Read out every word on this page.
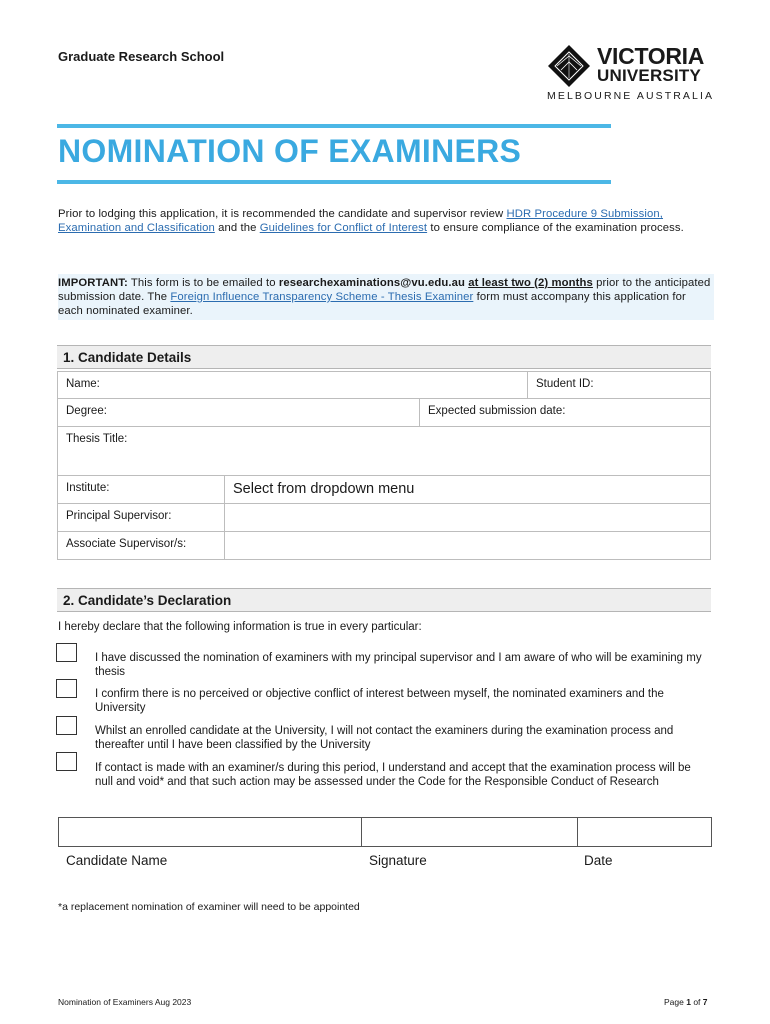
Graduate Research School	VICTORIA
UNIVERSITY
MELBOURNE AUSTRALIA
NOMINATION OF EXAMINERS
Prior to lodging this application, it is recommended the candidate and supervisor review HDR Procedure 9 Submission, Examination and Classification and the Guidelines for Conflict of Interest to ensure compliance of the examination process.
IMPORTANT: This form is to be emailed to researchexaminations@vu.edu.au at least two (2) months prior to the anticipated submission date. The Foreign Influence Transparency Scheme - Thesis Examiner form must accompany this application for each nominated examiner.
1. Candidate Details
Name:	Student ID:
Degree:	Expected submission date:
Thesis Title:
Institute:	Select from dropdown menu
Principal Supervisor:
Associate Supervisor/s:
2. Candidate’s Declaration
I hereby declare that the following information is true in every particular:
I have discussed the nomination of examiners with my principal supervisor and I am aware of who will be examining my thesis
I confirm there is no perceived or objective conflict of interest between myself, the nominated examiners and the University
Whilst an enrolled candidate at the University, I will not contact the examiners during the examination process and thereafter until I have been classified by the University
If contact is made with an examiner/s during this period, I understand and accept that the examination process will be null and void* and that such action may be assessed under the Code for the Responsible Conduct of Research
Candidate Name	Signature	Date
*a replacement nomination of examiner will need to be appointed
Nomination of Examiners Aug 2023	Page 1 of 7
